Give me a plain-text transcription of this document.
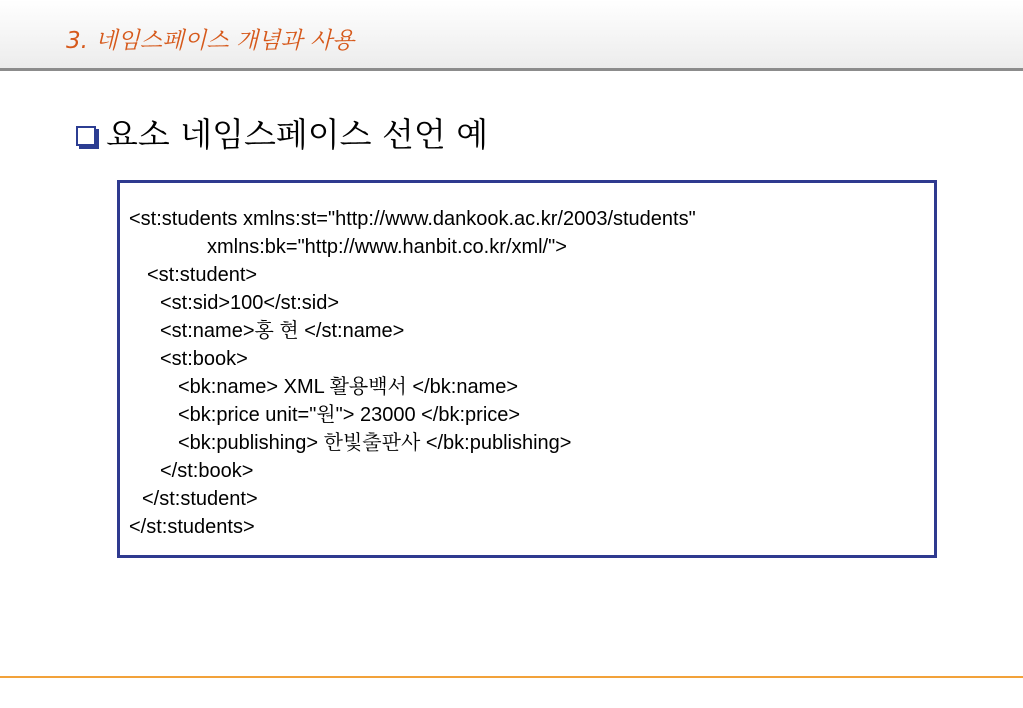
3. 네임스페이스 개념과 사용
요소 네임스페이스 선언 예
<st:students xmlns:st="http://www.dankook.ac.kr/2003/students"
xmlns:bk="http://www.hanbit.co.kr/xml/">
<st:student>
<st:sid>100</st:sid>
<st:name>홍 현 </st:name>
<st:book>
<bk:name> XML 활용백서 </bk:name>
<bk:price unit="원"> 23000 </bk:price>
<bk:publishing> 한빛출판사 </bk:publishing>
</st:book>
</st:student>
</st:students>
